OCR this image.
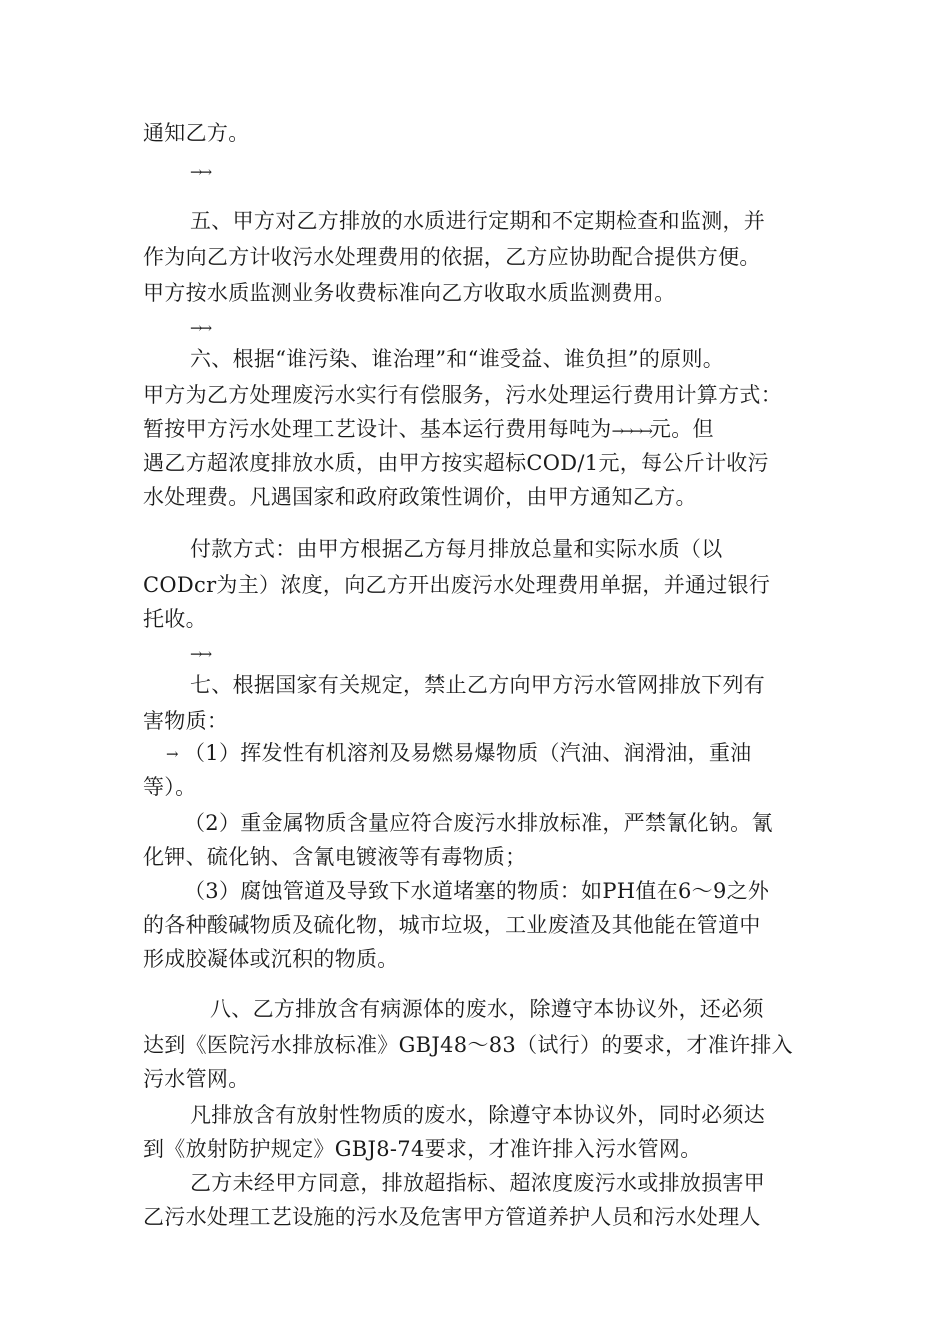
通知乙方。
→→
五、甲方对乙方排放的水质进行定期和不定期检查和监测，并
作为向乙方计收污水处理费用的依据，乙方应协助配合提供方便。
甲方按水质监测业务收费标准向乙方收取水质监测费用。
→→
六、根据“谁污染、谁治理”和“谁受益、谁负担”的原则。
甲方为乙方处理废污水实行有偿服务，污水处理运行费用计算方式：
暂按甲方污水处理工艺设计、基本运行费用每吨为→→→→元。但
遇乙方超浓度排放水质，由甲方按实超标COD/1元，每公斤计收污
水处理费。凡遇国家和政府政策性调价，由甲方通知乙方。
付款方式：由甲方根据乙方每月排放总量和实际水质（以
CODcr为主）浓度，向乙方开出废污水处理费用单据，并通过银行
托收。
→→
七、根据国家有关规定，禁止乙方向甲方污水管网排放下列有
害物质：
→ （1）挥发性有机溶剂及易燃易爆物质（汽油、润滑油，重油
等）。
（2）重金属物质含量应符合废污水排放标准，严禁氰化钠。氰
化钾、硫化钠、含氰电镀液等有毒物质；
（3）腐蚀管道及导致下水道堵塞的物质：如PH值在6～9之外
的各种酸碱物质及硫化物，城市垃圾，工业废渣及其他能在管道中
形成胶凝体或沉积的物质。
八、乙方排放含有病源体的废水，除遵守本协议外，还必须
达到《医院污水排放标准》GBJ48～83（试行）的要求，才准许排入
污水管网。
凡排放含有放射性物质的废水，除遵守本协议外，同时必须达
到《放射防护规定》GBJ8-74要求，才准许排入污水管网。
乙方未经甲方同意，排放超指标、超浓度废污水或排放损害甲
乙污水处理工艺设施的污水及危害甲方管道养护人员和污水处理人
